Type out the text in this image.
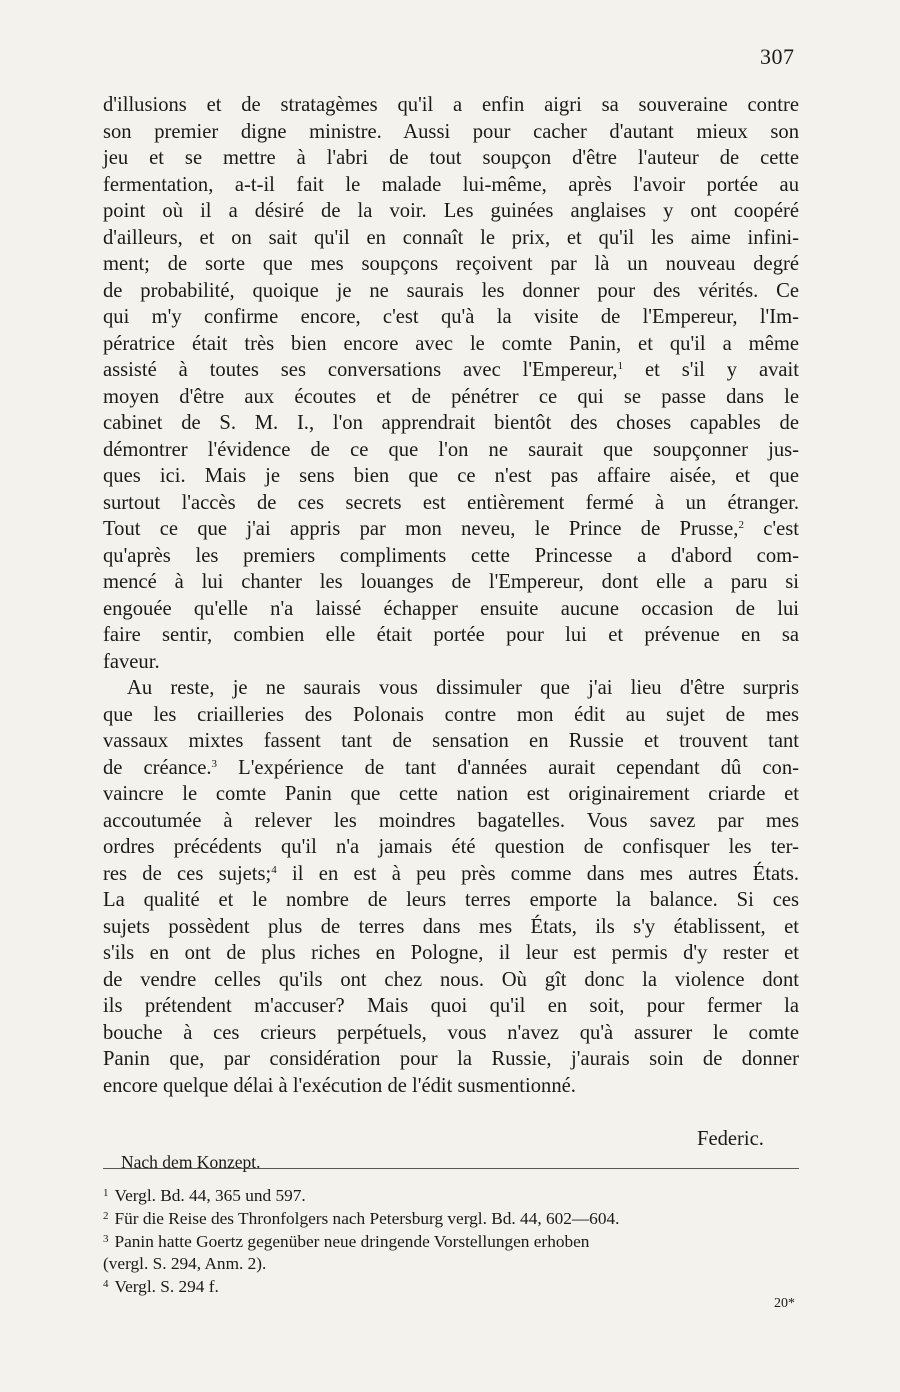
307
d'illusions et de stratagèmes qu'il a enfin aigri sa souveraine contre
son premier digne ministre. Aussi pour cacher d'autant mieux son
jeu et se mettre à l'abri de tout soupçon d'être l'auteur de cette
fermentation, a-t-il fait le malade lui-même, après l'avoir portée au
point où il a désiré de la voir. Les guinées anglaises y ont coopéré
d'ailleurs, et on sait qu'il en connaît le prix, et qu'il les aime infini-
ment; de sorte que mes soupçons reçoivent par là un nouveau degré
de probabilité, quoique je ne saurais les donner pour des vérités. Ce
qui m'y confirme encore, c'est qu'à la visite de l'Empereur, l'Im-
pératrice était très bien encore avec le comte Panin, et qu'il a même
assisté à toutes ses conversations avec l'Empereur,$^1$ et s'il y avait
moyen d'être aux écoutes et de pénétrer ce qui se passe dans le
cabinet de S. M. I., l'on apprendrait bientôt des choses capables de
démontrer l'évidence de ce que l'on ne saurait que soupçonner jus-
ques ici. Mais je sens bien que ce n'est pas affaire aisée, et que
surtout l'accès de ces secrets est entièrement fermé à un étranger.
Tout ce que j'ai appris par mon neveu, le Prince de Prusse,$^2$ c'est
qu'après les premiers compliments cette Princesse a d'abord com-
mencé à lui chanter les louanges de l'Empereur, dont elle a paru si
engouée qu'elle n'a laissé échapper ensuite aucune occasion de lui
faire sentir, combien elle était portée pour lui et prévenue en sa
faveur.
Au reste, je ne saurais vous dissimuler que j'ai lieu d'être surpris
que les criailleries des Polonais contre mon édit au sujet de mes
vassaux mixtes fassent tant de sensation en Russie et trouvent tant
de créance.$^3$ L'expérience de tant d'années aurait cependant dû con-
vaincre le comte Panin que cette nation est originairement criarde et
accoutumée à relever les moindres bagatelles. Vous savez par mes
ordres précédents qu'il n'a jamais été question de confisquer les ter-
res de ces sujets;$^4$ il en est à peu près comme dans mes autres États.
La qualité et le nombre de leurs terres emporte la balance. Si ces
sujets possèdent plus de terres dans mes États, ils s'y établissent, et
s'ils en ont de plus riches en Pologne, il leur est permis d'y rester et
de vendre celles qu'ils ont chez nous. Où gît donc la violence dont
ils prétendent m'accuser? Mais quoi qu'il en soit, pour fermer la
bouche à ces crieurs perpétuels, vous n'avez qu'à assurer le comte
Panin que, par considération pour la Russie, j'aurais soin de donner
encore quelque délai à l'exécution de l'édit susmentionné.
Federic.
Nach dem Konzept.
$^1$ Vergl. Bd. 44, 365 und 597.
$^2$ Für die Reise des Thronfolgers nach Petersburg vergl. Bd. 44, 602—604.
$^3$ Panin hatte Goertz gegenüber neue dringende Vorstellungen erhoben
(vergl. S. 294, Anm. 2).
$^4$ Vergl. S. 294 f.
20*
